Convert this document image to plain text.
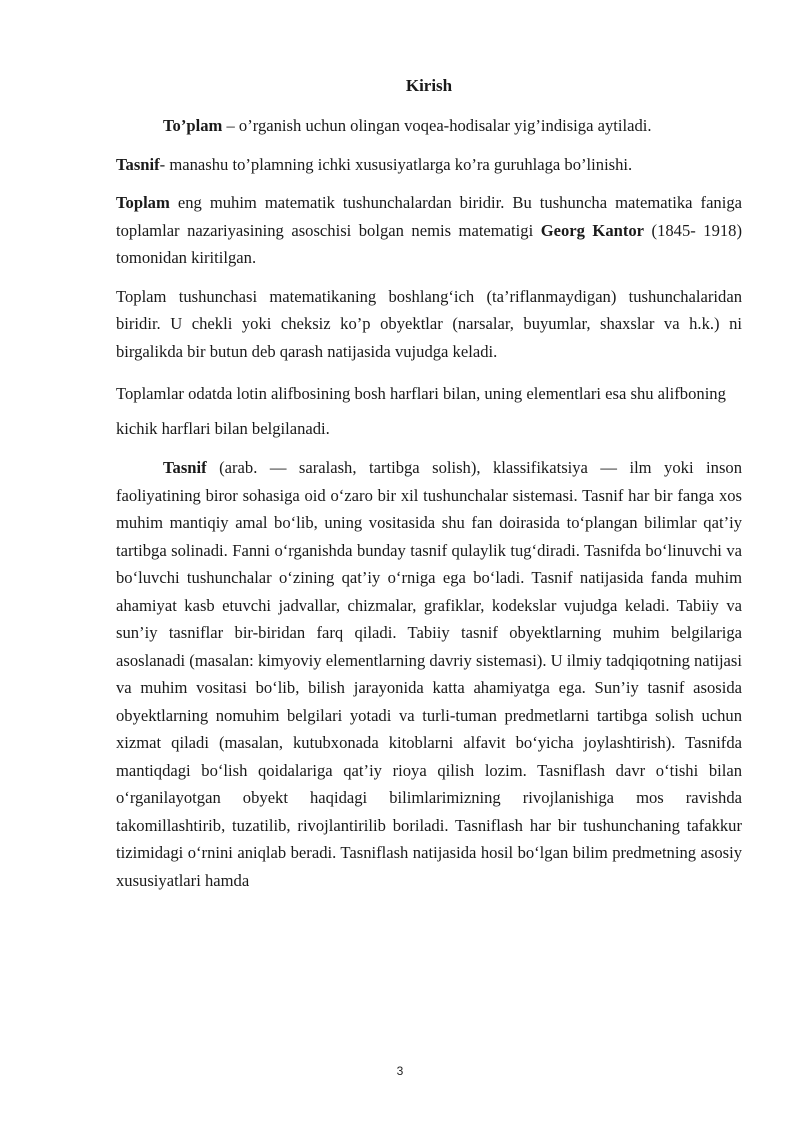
Kirish

To’plam – o’rganish uchun olingan voqea-hodisalar yig’indisiga aytiladi.

Tasnif- manashu to’plamning ichki xususiyatlarga ko’ra guruhlaga bo’linishi.

Toplam eng muhim matematik tushunchalardan biridir. Bu tushuncha matematika faniga toplamlar nazariyasining asoschisi bolgan nemis matematigi Georg Kantor (1845- 1918) tomonidan kiritilgan.

Toplam tushunchasi matematikaning boshlang‘ich (ta’riflanmaydigan) tushunchalaridan biridir. U chekli yoki cheksiz ko’p obyektlar (narsalar, buyumlar, shaxslar va h.k.) ni birgalikda bir butun deb qarash natijasida vujudga keladi.

Toplamlar odatda lotin alifbosining bosh harflari bilan, uning elementlari esa shu alifboning kichik harflari bilan belgilanadi.

Tasnif (arab. — saralash, tartibga solish), klassifikatsiya — ilm yoki inson faoliyatining biror sohasiga oid o‘zaro bir xil tushunchalar sistemasi. Tasnif har bir fanga xos muhim mantiqiy amal bo‘lib, uning vositasida shu fan doirasida to‘plangan bilimlar qat’iy tartibga solinadi. Fanni o‘rganishda bunday tasnif qulaylik tug‘diradi. Tasnifda bo‘linuvchi va bo‘luvchi tushunchalar o‘zining qat’iy o‘rniga ega bo‘ladi. Tasnif natijasida fanda muhim ahamiyat kasb etuvchi jadvallar, chizmalar, grafiklar, kodekslar vujudga keladi. Tabiiy va sun’iy tasniflar bir-biridan farq qiladi. Tabiiy tasnif obyektlarning muhim belgilariga asoslanadi (masalan: kimyoviy elementlarning davriy sistemasi). U ilmiy tadqiqotning natijasi va muhim vositasi bo‘lib, bilish jarayonida katta ahamiyatga ega. Sun’iy tasnif asosida obyektlarning nomuhim belgilari yotadi va turli-tuman predmetlarni tartibga solish uchun xizmat qiladi (masalan, kutubxonada kitoblarni alfavit bo‘yicha joylashtirish). Tasnifda mantiqdagi bo‘lish qoidalariga qat’iy rioya qilish lozim. Tasniflash davr o‘tishi bilan o‘rganilayotgan obyekt haqidagi bilimlarimizning rivojlanishiga mos ravishda takomillashtirib, tuzatilib, rivojlantirilib boriladi. Tasniflash har bir tushunchaning tafakkur tizimidagi o‘rnini aniqlab beradi. Tasniflash natijasida hosil bo‘lgan bilim predmetning asosiy xususiyatlari hamda

3
